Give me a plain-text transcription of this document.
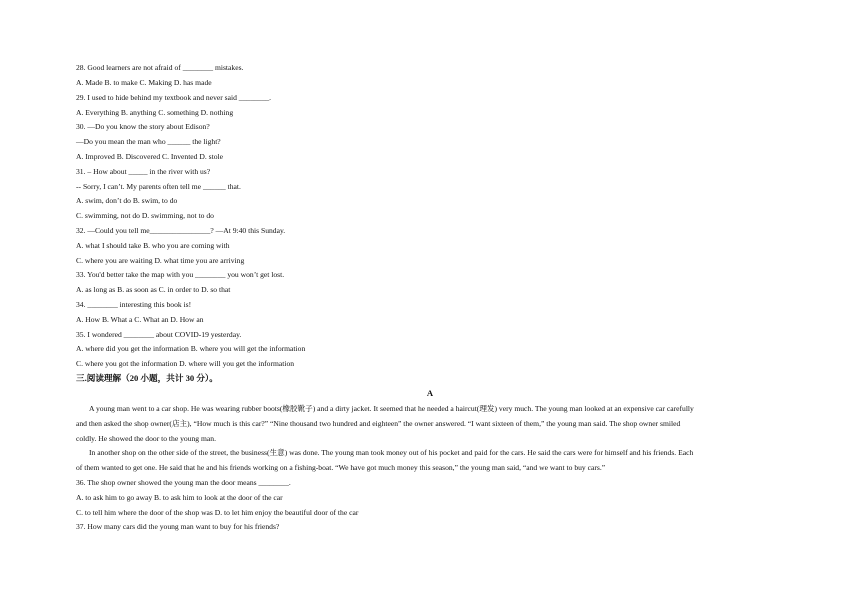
28. Good learners are not afraid of ________ mistakes.
A. Made B. to make C. Making D. has made
29. I used to hide behind my textbook and never said ________.
A. Everything B. anything C. something D. nothing
30. —Do you know the story about Edison?
—Do you mean the man who ______ the light?
A. Improved B. Discovered C. Invented D. stole
31. – How about _____ in the river with us?
-- Sorry, I can’t. My parents often tell me ______ that.
A. swim, don’t do B. swim, to do
C. swimming, not do D. swimming, not to do
32. ―Could you tell me________________? ―At 9:40 this Sunday.
A. what I should take B. who you are coming with
C. where you are waiting D. what time you are arriving
33. You'd better take the map with you ________ you won’t get lost.
A. as long as B. as soon as C. in order to D. so that
34. ________ interesting this book is!
A. How B. What a C. What an D. How an
35. I wondered ________ about COVID-19 yesterday.
A. where did you get the information B. where you will get the information
C. where you got the information D. where will you get the information
三.阅读理解（20 小题，共计 30 分）。
A
A young man went to a car shop. He was wearing rubber boots(橡胶靴子) and a dirty jacket. It seemed that he needed a haircut(理发) very much. The young man looked at an expensive car carefully
and then asked the shop owner(店主), “How much is this car?” “Nine thousand two hundred and eighteen” the owner answered. “I want sixteen of them,” the young man said. The shop owner smiled
coldly. He showed the door to the young man.
In another shop on the other side of the street, the business(生意) was done. The young man took money out of his pocket and paid for the cars. He said the cars were for himself and his friends. Each
of them wanted to get one. He said that he and his friends working on a fishing-boat. “We have got much money this season,” the young man said, “and we want to buy cars.”
36. The shop owner showed the young man the door means ________.
A. to ask him to go away B. to ask him to look at the door of the car
C. to tell him where the door of the shop was D. to let him enjoy the beautiful door of the car
37. How many cars did the young man want to buy for his friends?
